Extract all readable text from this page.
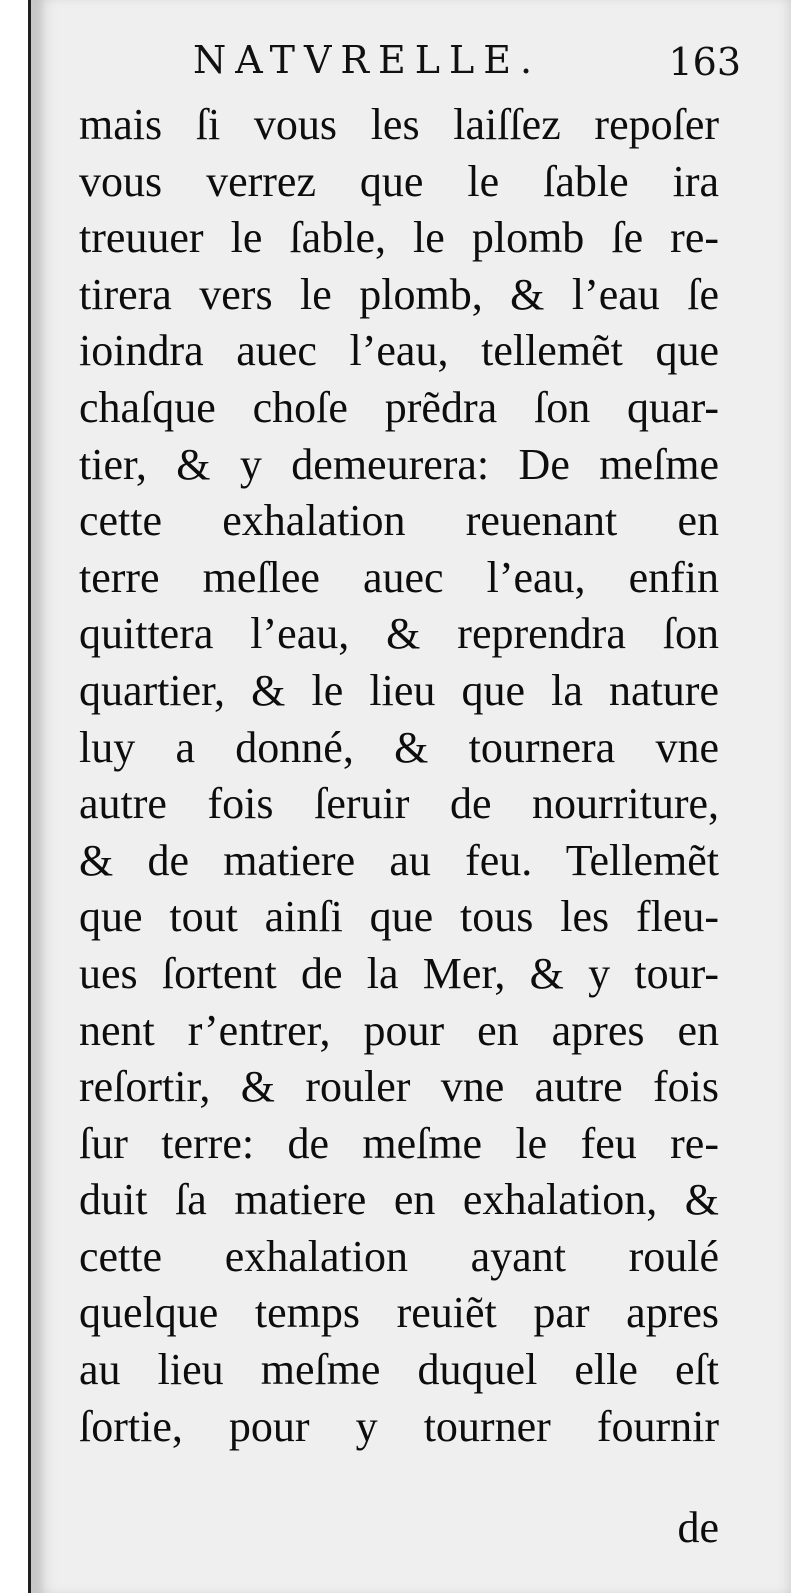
NATVRELLE.	163
mais ſi vous les laiſſez repoſer
vous verrez que le ſable ira
treuuer le ſable, le plomb ſe re-
tirera vers le plomb, & l’eau ſe
ioindra auec l’eau, tellemẽt que
chaſque choſe prẽdra ſon quar-
tier, & y demeurera: De meſme
cette exhalation reuenant en
terre meſlee auec l’eau, enfin
quittera l’eau, & reprendra ſon
quartier, & le lieu que la nature
luy a donné, & tournera vne
autre fois ſeruir de nourriture,
& de matiere au feu. Tellemẽt
que tout ainſi que tous les fleu-
ues ſortent de la Mer, & y tour-
nent r’entrer, pour en apres en
reſortir, & rouler vne autre fois
ſur terre: de meſme le feu re-
duit ſa matiere en exhalation, &
cette exhalation ayant roulé
quelque temps reuiẽt par apres
au lieu meſme duquel elle eſt
ſortie, pour y tourner fournir
de
